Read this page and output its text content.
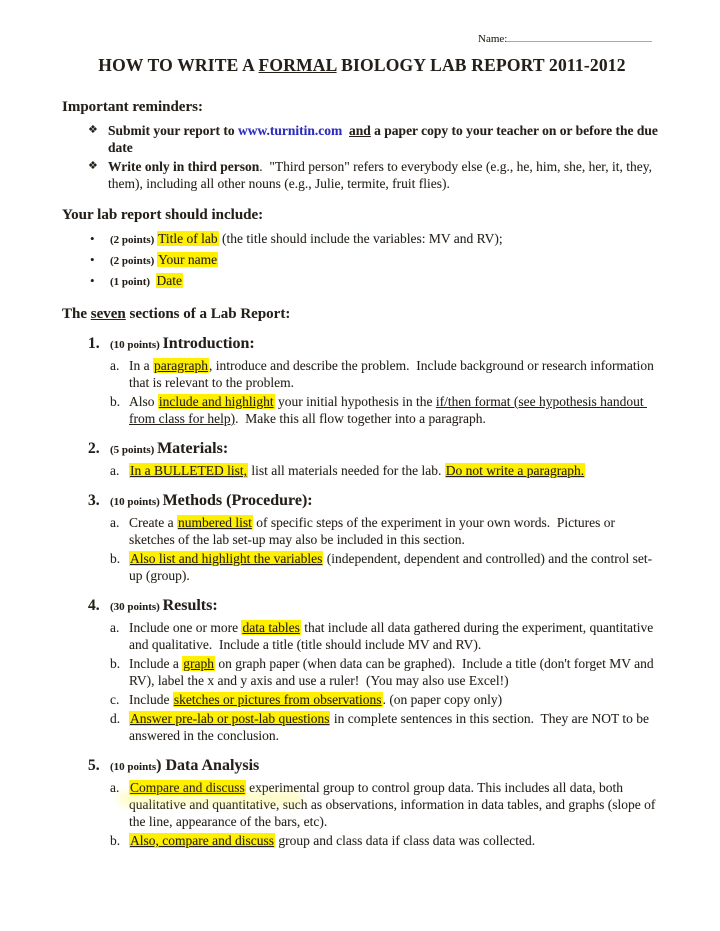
Name:
HOW TO WRITE A FORMAL BIOLOGY LAB REPORT 2011-2012
Important reminders:
❖ Submit your report to www.turnitin.com and a paper copy to your teacher on or before the due date
❖ Write only in third person.  "Third person" refers to everybody else (e.g., he, him, she, her, it, they, them), including all other nouns (e.g., Julie, termite, fruit flies).
Your lab report should include:
•	(2 points) Title of lab (the title should include the variables: MV and RV);
•	(2 points) Your name
•	(1 point)  Date
The seven sections of a Lab Report:
1. (10 points) Introduction:
a. In a paragraph, introduce and describe the problem.  Include background or research information that is relevant to the problem.
b. Also include and highlight your initial hypothesis in the if/then format (see hypothesis handout from class for help).  Make this all flow together into a paragraph.
2. (5 points) Materials:
a. In a BULLETED list, list all materials needed for the lab. Do not write a paragraph.
3. (10 points) Methods (Procedure):
a. Create a numbered list of specific steps of the experiment in your own words.  Pictures or sketches of the lab set-up may also be included in this section.
b. Also list and highlight the variables (independent, dependent and controlled) and the control set-up (group).
4. (30 points) Results:
a. Include one or more data tables that include all data gathered during the experiment, quantitative and qualitative.  Include a title (title should include MV and RV).
b. Include a graph on graph paper (when data can be graphed).  Include a title (don't forget MV and RV), label the x and y axis and use a ruler!  (You may also use Excel!)
c. Include sketches or pictures from observations. (on paper copy only)
d. Answer pre-lab or post-lab questions in complete sentences in this section.  They are NOT to be answered in the conclusion.
5. (10 points) Data Analysis
a. Compare and discuss experimental group to control group data. This includes all data, both qualitative and quantitative, such as observations, information in data tables, and graphs (slope of the line, appearance of the bars, etc).
b. Also, compare and discuss group and class data if class data was collected.
